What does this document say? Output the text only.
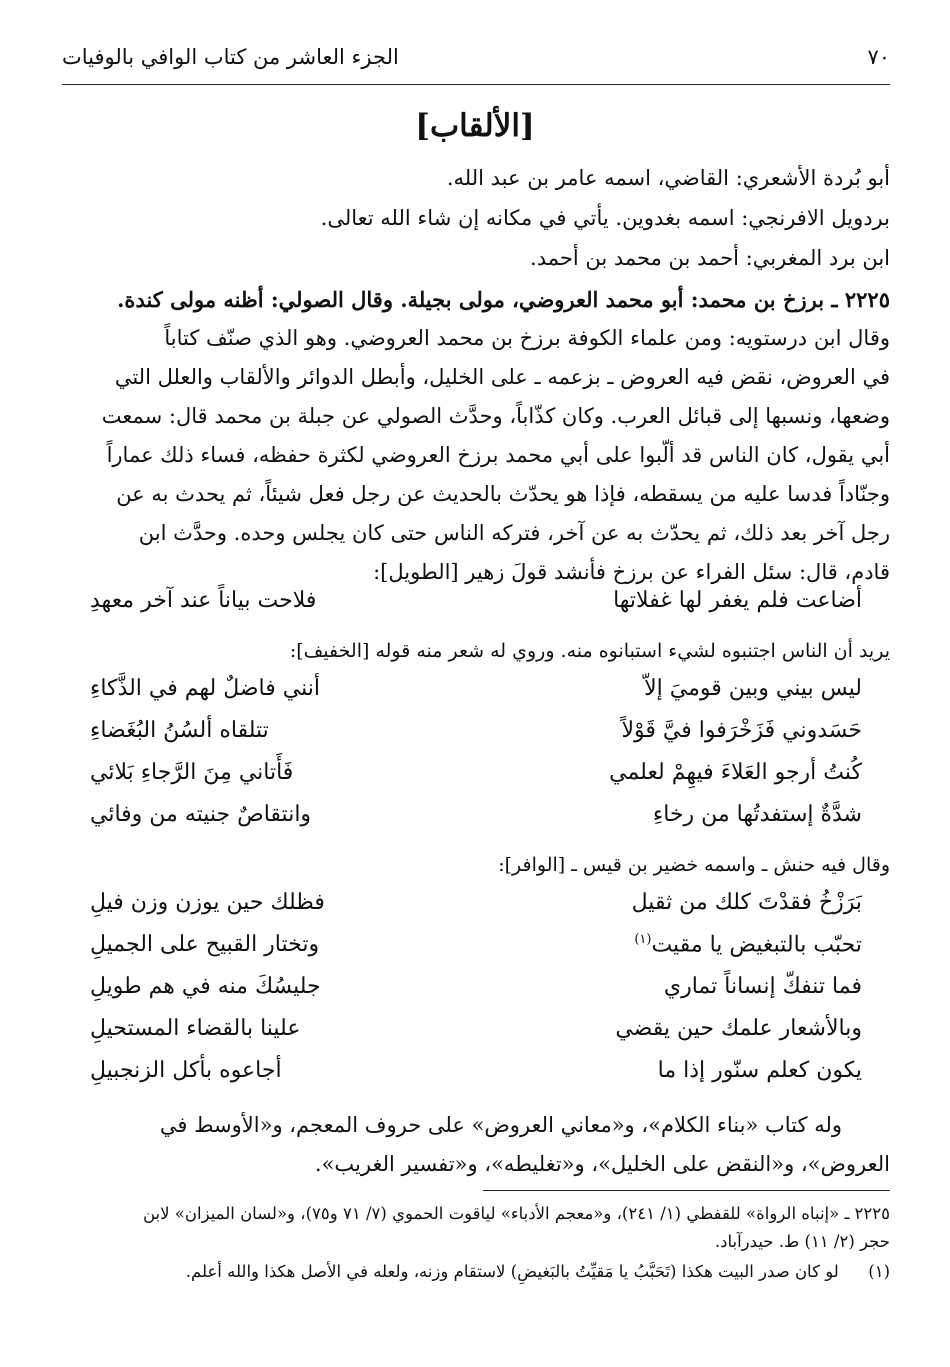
٧٠
الجزء العاشر من كتاب الوافي بالوفيات
[الألقاب]

أبو بُردة الأشعري: القاضي، اسمه عامر بن عبد الله.

بردويل الافرنجي: اسمه بغدوين. يأتي في مكانه إن شاء الله تعالى.

ابن برد المغربي: أحمد بن محمد بن أحمد.

٢٢٢٥ ـ برزخ بن محمد: أبو محمد العروضي، مولى بجيلة. وقال الصولي: أظنه مولى كندة.

وقال ابن درستويه: ومن علماء الكوفة برزخ بن محمد العروضي. وهو الذي صنّف كتاباً

في العروض، نقض فيه العروض ـ بزعمه ـ على الخليل، وأبطل الدوائر والألقاب والعلل التي

وضعها، ونسبها إلى قبائل العرب. وكان كذّاباً، وحدَّث الصولي عن جبلة بن محمد قال: سمعت

أبي يقول، كان الناس قد ألّبوا على أبي محمد برزخ العروضي لكثرة حفظه، فساء ذلك عماراً

وجنّاداً فدسا عليه من يسقطه، فإذا هو يحدّث بالحديث عن رجل فعل شيئاً، ثم يحدث به عن

رجل آخر بعد ذلك، ثم يحدّث به عن آخر، فتركه الناس حتى كان يجلس وحده. وحدَّث ابن

قادم، قال: سئل الفراء عن برزخ فأنشد قولَ زهير [الطويل]:

أضاعت فلم يغفر لها غفلاتها
فلاحت بياناً عند آخر معهدِ
يريد أن الناس اجتنبوه لشيء استبانوه منه. وروي له شعر منه قوله [الخفيف]:
ليس بيني وبين قوميَ إلاّ
أنني فاضلٌ لهم في الذَّكاءِ
حَسَدوني فَزَخْرَفوا فيَّ قَوْلاً
تتلقاه ألسُنُ البُغَضاءِ
كُنتُ أرجو العَلاءَ فيهِمْ لعلمي
فَأَتاني مِنَ الرَّجاءِ بَلائي
شدَّةٌ إستفدتُها من رخاءِ
وانتقاصٌ جنيته من وفائي
وقال فيه حنش ـ واسمه خضير بن قيس ـ [الوافر]:
بَرَزْخُ فقدْتَ كلك من ثقيل
فظلك حين يوزن وزن فيلِ
تحبّب بالتبغيض يا مقيت$^{(١)}$
وتختار القبيح على الجميلِ
فما تنفكّ إنساناً تماري
جليسُكَ منه في هم طويلِ
وبالأشعار علمك حين يقضي
علينا بالقضاء المستحيلِ
يكون كعلم سنّور إذا ما
أجاعوه بأكل الزنجبيلِ

وله كتاب «بناء الكلام»، و«معاني العروض» على حروف المعجم، و«الأوسط في

العروض»، و«النقض على الخليل»، و«تغليطه»، و«تفسير الغريب».

٢٢٢٥ ـ «إنباه الرواة» للقفطي (١/ ٢٤١)، و«معجم الأدباء» لياقوت الحموي (٧/ ٧١ و٧٥)، و«لسان الميزان» لابن
حجر (٢/ ١١) ط. حيدرآباد.
(١) لو كان صدر البيت هكذا (تَحَبَّبُ يا مَقيِّتُ بالبَغيضِ) لاستقام وزنه، ولعله في الأصل هكذا والله أعلم.
